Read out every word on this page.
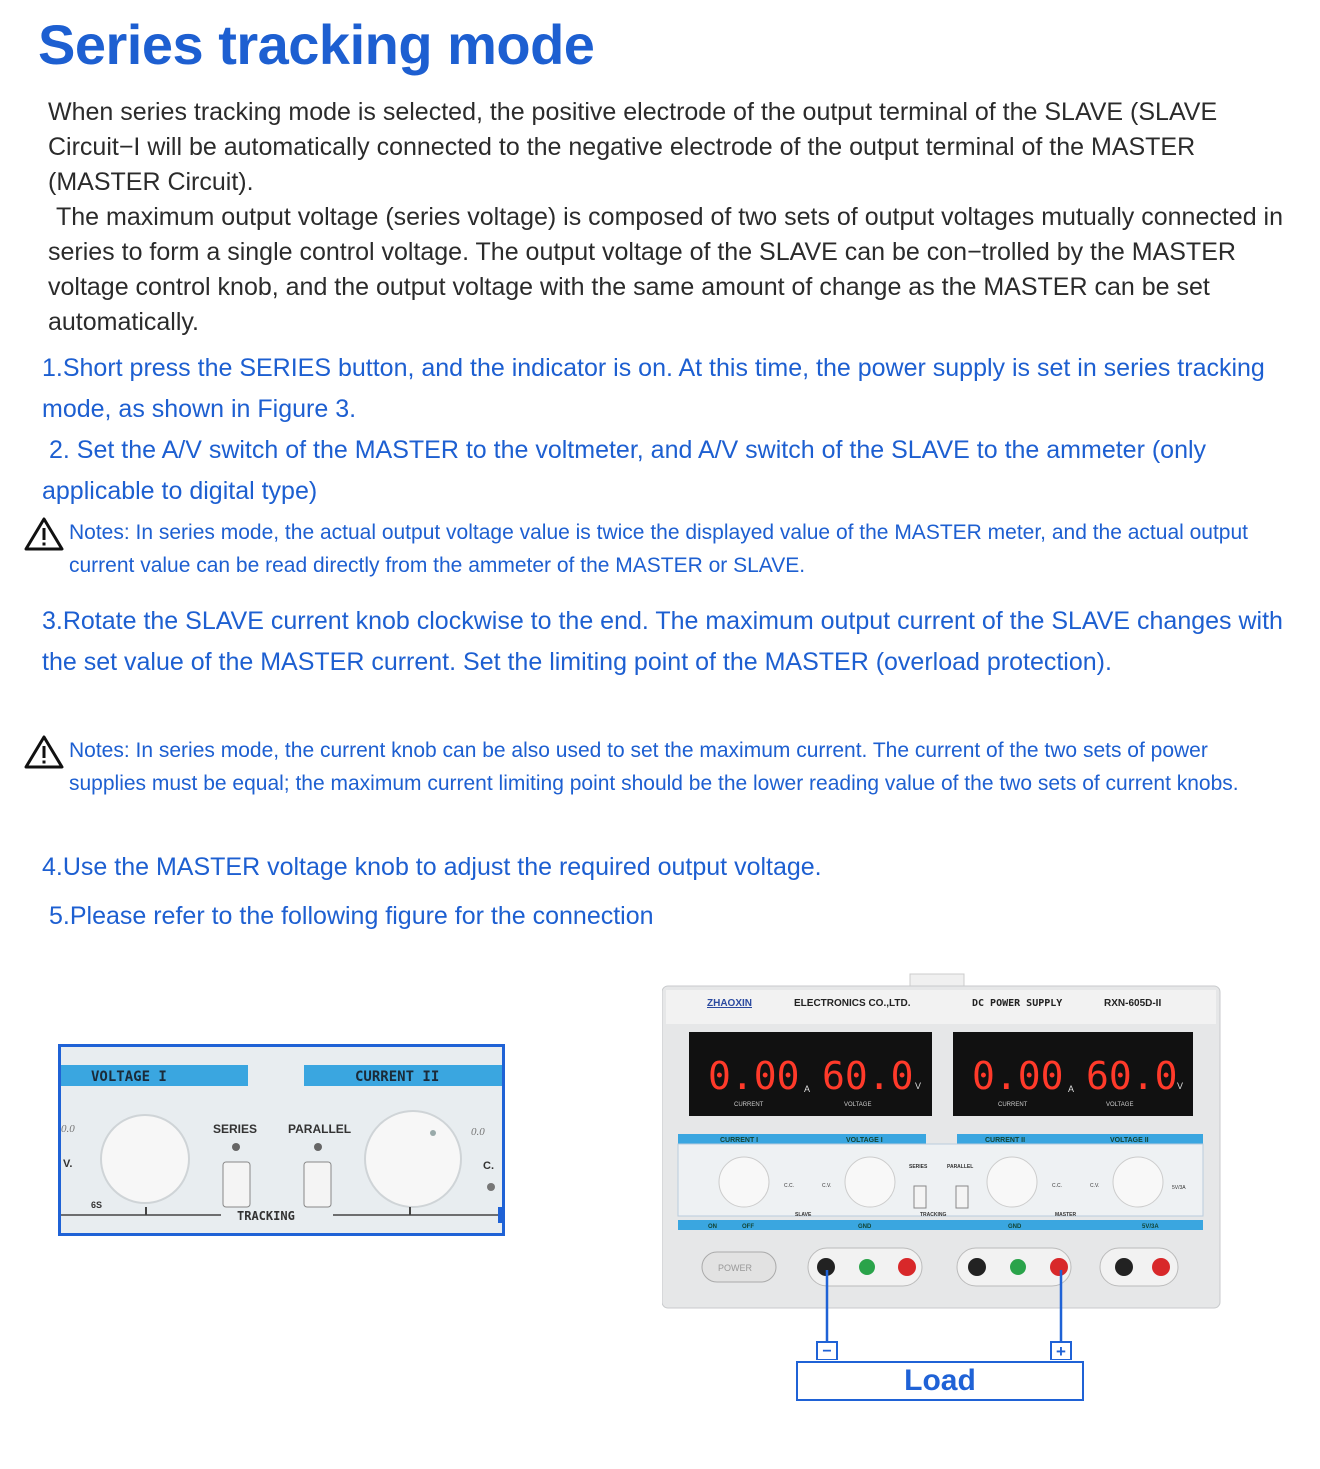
Series tracking mode

When series tracking mode is selected, the positive electrode of the output terminal of the SLAVE (SLAVE Circuit−I will be automatically connected to the negative electrode of the output terminal of the MASTER (MASTER Circuit).

The maximum output voltage (series voltage) is composed of two sets of output voltages mutually connected in series to form a single control voltage. The output voltage of the SLAVE can be con−trolled by the MASTER voltage control knob, and the output voltage with the same amount of change as the MASTER can be set automatically.

1.Short press the SERIES button, and the indicator is on. At this time, the power supply is set in series tracking mode, as shown in Figure 3.
2. Set the A/V switch of the MASTER to the voltmeter, and A/V switch of the SLAVE to the ammeter (only applicable to digital type)
Notes: In series mode, the actual output voltage value is twice the displayed value of the MASTER meter, and the actual output current value can be read directly from the ammeter of the MASTER or SLAVE.
3.Rotate the SLAVE current knob clockwise to the end. The maximum output current of the SLAVE changes with the set value of the MASTER current. Set the limiting point of the MASTER (overload protection).
Notes: In series mode, the current knob can be also used to set the maximum current. The current of the two sets of power supplies must be equal; the maximum current limiting point should be the lower reading value of the two sets of current knobs.
4.Use the MASTER voltage knob to adjust the required output voltage.
5.Please refer to the following figure for the connection
VOLTAGE I	CURRENT II
SERIES	PARALLEL
V.	C.
0.0	0.0
6S
TRACKING
ZHAOXIN	ELECTRONICS CO.,LTD.	DC POWER SUPPLY	RXN-605D-II
0.00 A 60.0 V 0.00 A 60.0 V
CURRENT	VOLTAGE	CURRENT	VOLTAGE
CURRENT I	VOLTAGE I	CURRENT II	VOLTAGE II
SERIES	PARALLEL
C.C.	C.V.	C.C.	C.V.	5V/3A
SLAVE	TRACKING	MASTER
ON	OFF	GND	GND	5V/3A
POWER
−	+
Load
